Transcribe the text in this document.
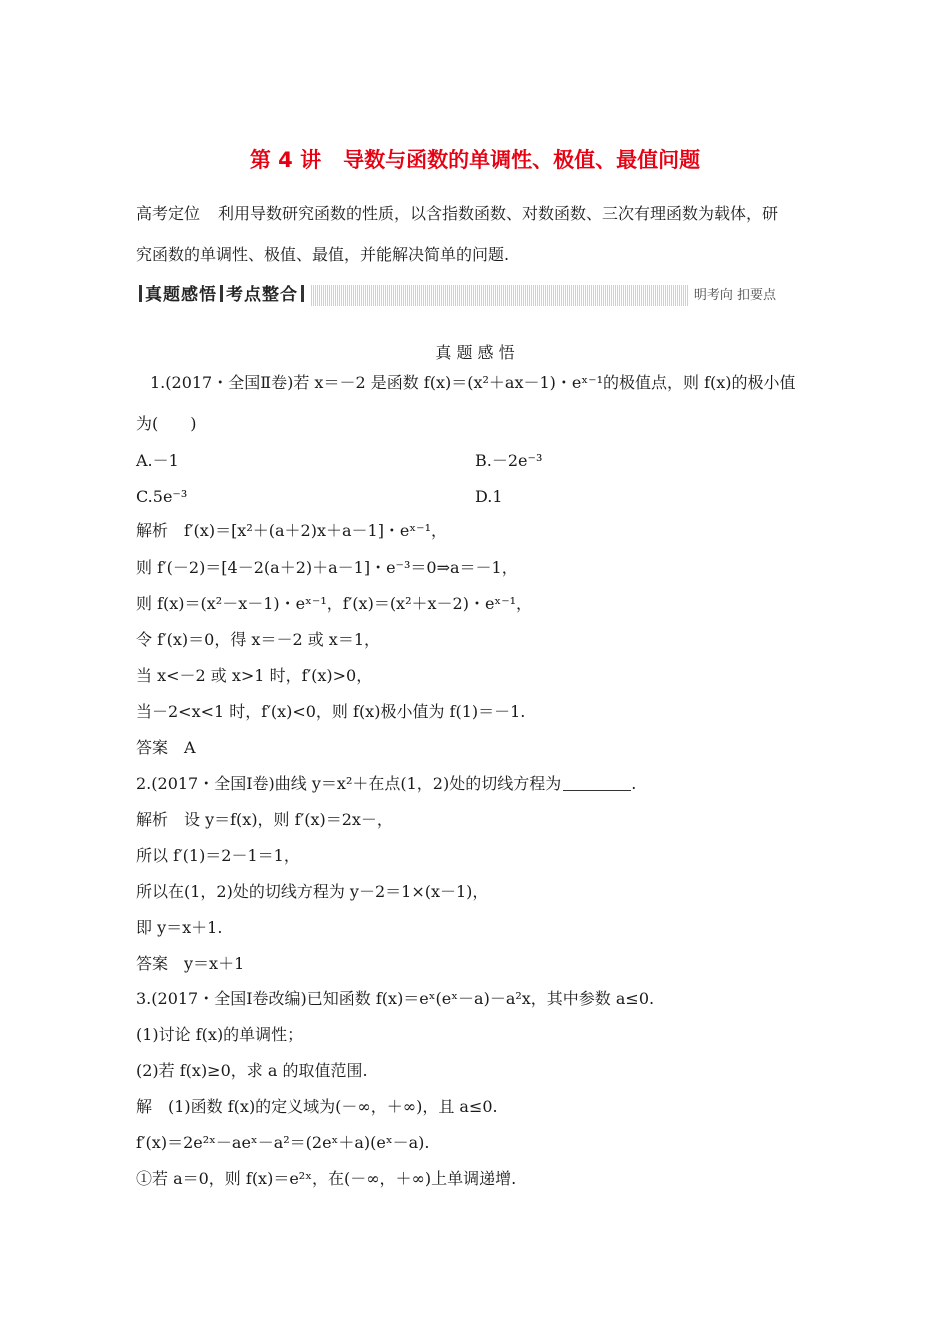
第 4 讲 导数与函数的单调性、极值、最值问题
高考定位 利用导数研究函数的性质，以含指数函数、对数函数、三次有理函数为载体，研
究函数的单调性、极值、最值，并能解决简单的问题.
真题感悟 考点整合	明考向 扣要点
真 题 感 悟
1.(2017・全国Ⅱ卷)若 x＝－2 是函数 f(x)＝(x²＋ax－1)・eˣ⁻¹的极值点，则 f(x)的极小值
为(　　)
A.－1	B.－2e⁻³
C.5e⁻³	D.1
解析　f′(x)＝[x²＋(a＋2)x＋a－1]・eˣ⁻¹，
则 f′(－2)＝[4－2(a＋2)＋a－1]・e⁻³＝0⇒a＝－1，
则 f(x)＝(x²－x－1)・eˣ⁻¹，f′(x)＝(x²＋x－2)・eˣ⁻¹，
令 f′(x)＝0，得 x＝－2 或 x＝1，
当 x<－2 或 x>1 时，f′(x)>0，
当－2<x<1 时，f′(x)<0，则 f(x)极小值为 f(1)＝－1.
答案　A
2.(2017・全国Ⅰ卷)曲线 y＝x²＋在点(1，2)处的切线方程为	.
解析　设 y＝f(x)，则 f′(x)＝2x－，
所以 f′(1)＝2－1＝1，
所以在(1，2)处的切线方程为 y－2＝1×(x－1)，
即 y＝x＋1.
答案　y＝x＋1
3.(2017・全国Ⅰ卷改编)已知函数 f(x)＝eˣ(eˣ－a)－a²x，其中参数 a≤0.
(1)讨论 f(x)的单调性；
(2)若 f(x)≥0，求 a 的取值范围.
解　(1)函数 f(x)的定义域为(－∞，＋∞)，且 a≤0.
f′(x)＝2e²ˣ－aeˣ－a²＝(2eˣ＋a)(eˣ－a).
①若 a＝0，则 f(x)＝e²ˣ，在(－∞，＋∞)上单调递增.
